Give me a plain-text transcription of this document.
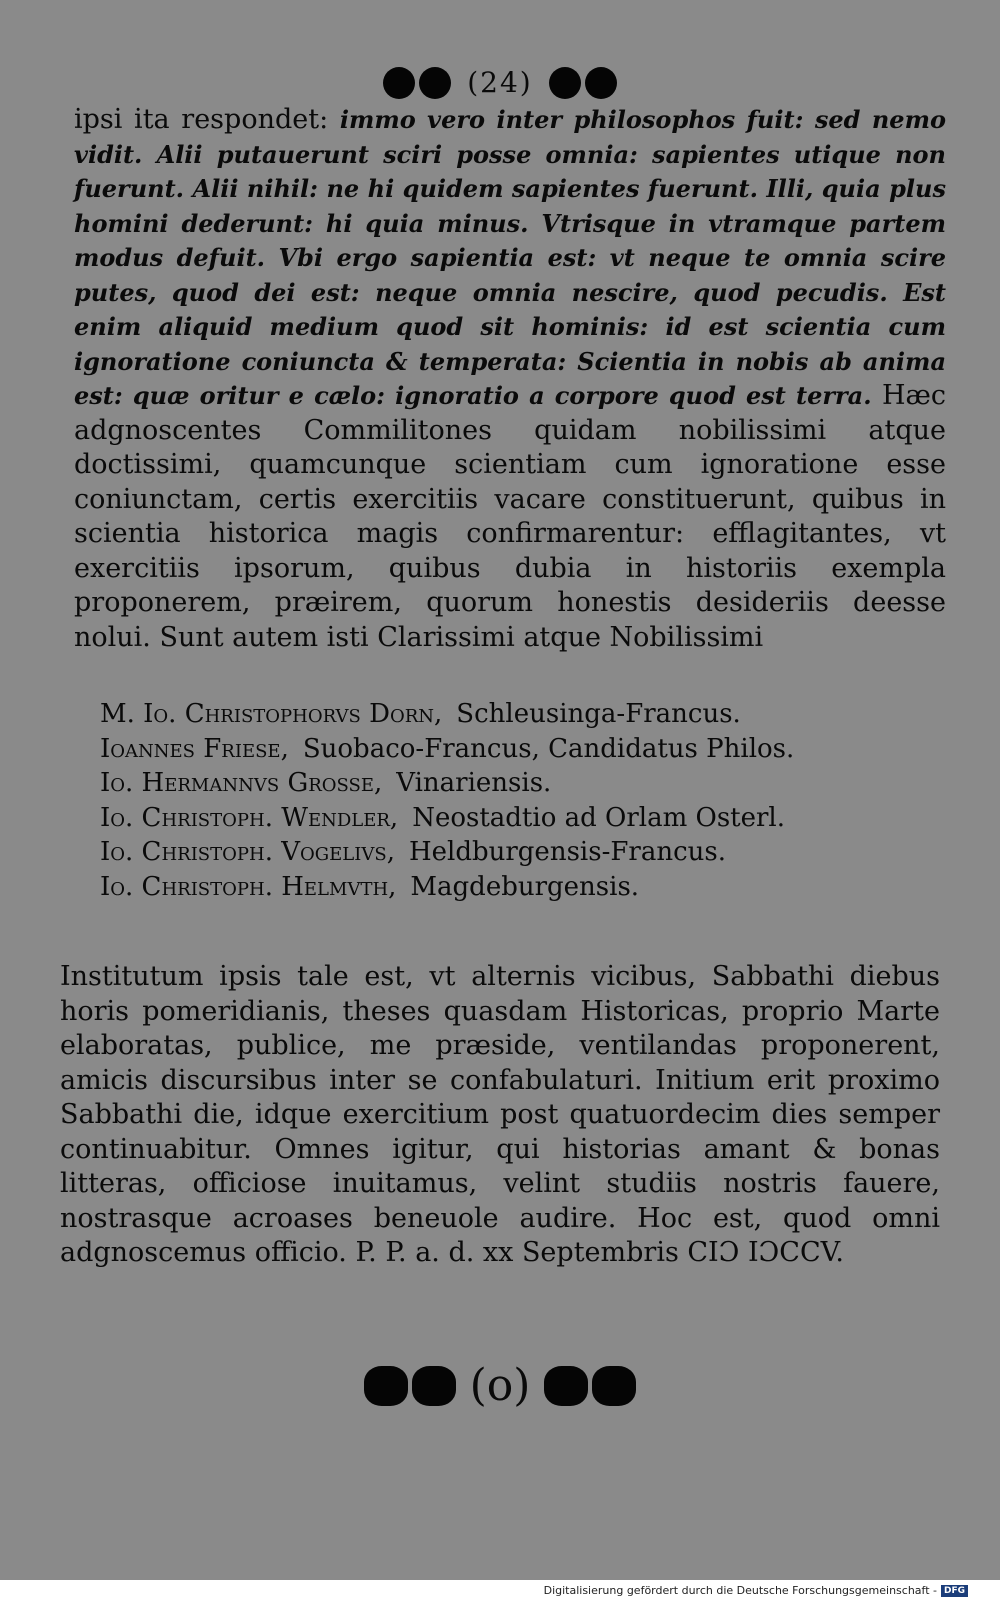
(24)

ipsi ita respondet: immo vero inter philosophos fuit: sed nemo vidit. Alii putauerunt sciri posse omnia: sapientes utique non fuerunt. Alii nihil: ne hi quidem sapientes fuerunt. Illi, quia plus homini dederunt: hi quia minus. Vtrisque in vtramque partem modus defuit. Vbi ergo sapientia est: vt neque te omnia scire putes, quod dei est: neque omnia nescire, quod pecudis. Est enim aliquid medium quod sit hominis: id est scientia cum ignoratione coniuncta & temperata: Scientia in nobis ab anima est: quæ oritur e cælo: ignoratio a corpore quod est terra. Hæc adgnoscentes Commilitones quidam nobilissimi atque doctissimi, quamcunque scientiam cum ignoratione esse coniunctam, certis exercitiis vacare constituerunt, quibus in scientia historica magis confirmarentur: efflagitantes, vt exercitiis ipsorum, quibus dubia in historiis exempla proponerem, præirem, quorum honestis desideriis deesse nolui. Sunt autem isti Clarissimi atque Nobilissimi

M. Io. Christophorvs Dorn, Schleusinga-Francus.
Ioannes Friese, Suobaco-Francus, Candidatus Philos.
Io. Hermannvs Grosse, Vinariensis.
Io. Christoph. Wendler, Neostadtio ad Orlam Osterl.
Io. Christoph. Vogelivs, Heldburgensis-Francus.
Io. Christoph. Helmvth, Magdeburgensis.

Institutum ipsis tale est, vt alternis vicibus, Sabbathi diebus horis pomeridianis, theses quasdam Historicas, proprio Marte elaboratas, publice, me præside, ventilandas proponerent, amicis discursibus inter se confabulaturi. Initium erit proximo Sabbathi die, idque exercitium post quatuordecim dies semper continuabitur. Omnes igitur, qui historias amant & bonas litteras, officiose inuitamus, velint studiis nostris fauere, nostrasque acroases beneuole audire. Hoc est, quod omni adgnoscemus officio. P. P. a. d. xx Septembris CIƆ IƆCCV.

(o)
Digitalisierung gefördert durch die Deutsche Forschungsgemeinschaft - DFG
